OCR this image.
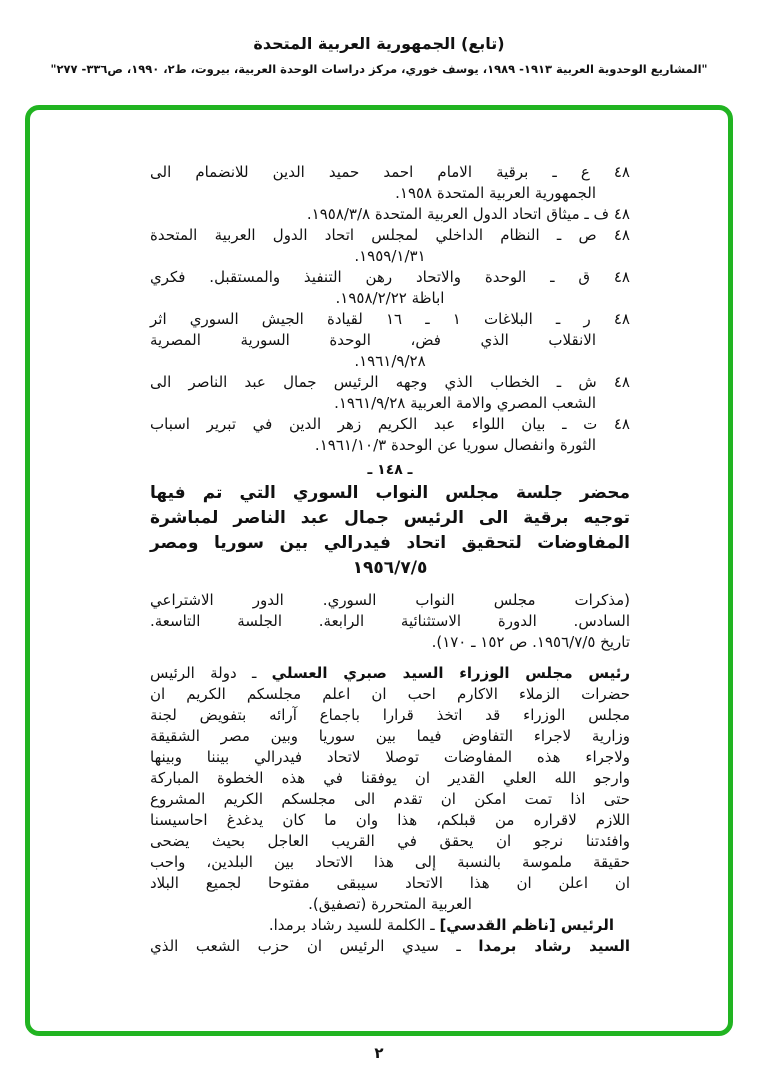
(تابع) الجمهورية العربية المتحدة
"المشاريع الوحدوية العربية ١٩١٣- ١٩٨٩، يوسف خوري، مركز دراسات الوحدة العربية، بيروت، ط٢، ١٩٩٠، ص٣٣٦- ٢٧٧"
٤٨ ع ـ برقية الامام احمد حميد الدين للانضمام الى
الجمهورية العربية المتحدة ١٩٥٨.
٤٨ ف ـ ميثاق اتحاد الدول العربية المتحدة ١٩٥٨/٣/٨.
٤٨ ص ـ النظام الداخلي لمجلس اتحاد الدول العربية المتحدة
١٩٥٩/١/٣١.
٤٨ ق ـ الوحدة والاتحاد رهن التنفيذ والمستقبل. فكري
اباظة ١٩٥٨/٢/٢٢.
٤٨ ر ـ البلاغات ١ ـ ١٦ لقيادة الجيش السوري اثر
الانقلاب الذي فض، الوحدة السورية المصرية
١٩٦١/٩/٢٨.
٤٨ ش ـ الخطاب الذي وجهه الرئيس جمال عبد الناصر الى
الشعب المصري والامة العربية ١٩٦١/٩/٢٨.
٤٨ ت ـ بيان اللواء عبد الكريم زهر الدين في تبرير اسباب
الثورة وانفصال سوريا عن الوحدة ١٩٦١/١٠/٣.
ـ ١٤٨ ـ
محضر جلسة مجلس النواب السوري التي تم فيها
توجيه برقية الى الرئيس جمال عبد الناصر لمباشرة
المفاوضات لتحقيق اتحاد فيدرالي بين سوريا ومصر
١٩٥٦/٧/٥
(مذكرات مجلس النواب السوري. الدور الاشتراعي
السادس. الدورة الاستثنائية الرابعة. الجلسة التاسعة.
تاريخ ١٩٥٦/٧/٥. ص ١٥٢ ـ ١٧٠).
رئيس مجلس الوزراء السيد صبري العسلي ـ دولة الرئيس
حضرات الزملاء الاكارم احب ان اعلم مجلسكم الكريم ان
مجلس الوزراء قد اتخذ قرارا باجماع آرائه بتفويض لجنة
وزارية لاجراء التفاوض فيما بين سوريا وبين مصر الشقيقة
ولاجراء هذه المفاوضات توصلا لاتحاد فيدرالي بيننا وبينها
وارجو الله العلي القدير ان يوفقنا في هذه الخطوة المباركة
حتى اذا تمت امكن ان تقدم الى مجلسكم الكريم المشروع
اللازم لاقراره من قبلكم، هذا وان ما كان يدغدغ احاسيسنا
وافئدتنا نرجو ان يحقق في القريب العاجل بحيث يضحى
حقيقة ملموسة بالنسبة إلى هذا الاتحاد بين البلدين، واحب
ان اعلن ان هذا الاتحاد سيبقى مفتوحا لجميع البلاد
العربية المتحررة (تصفيق).
الرئيس [ناظم القدسي] ـ الكلمة للسيد رشاد برمدا.
السيد رشاد برمدا ـ سيدي الرئيس ان حزب الشعب الذي
٢
